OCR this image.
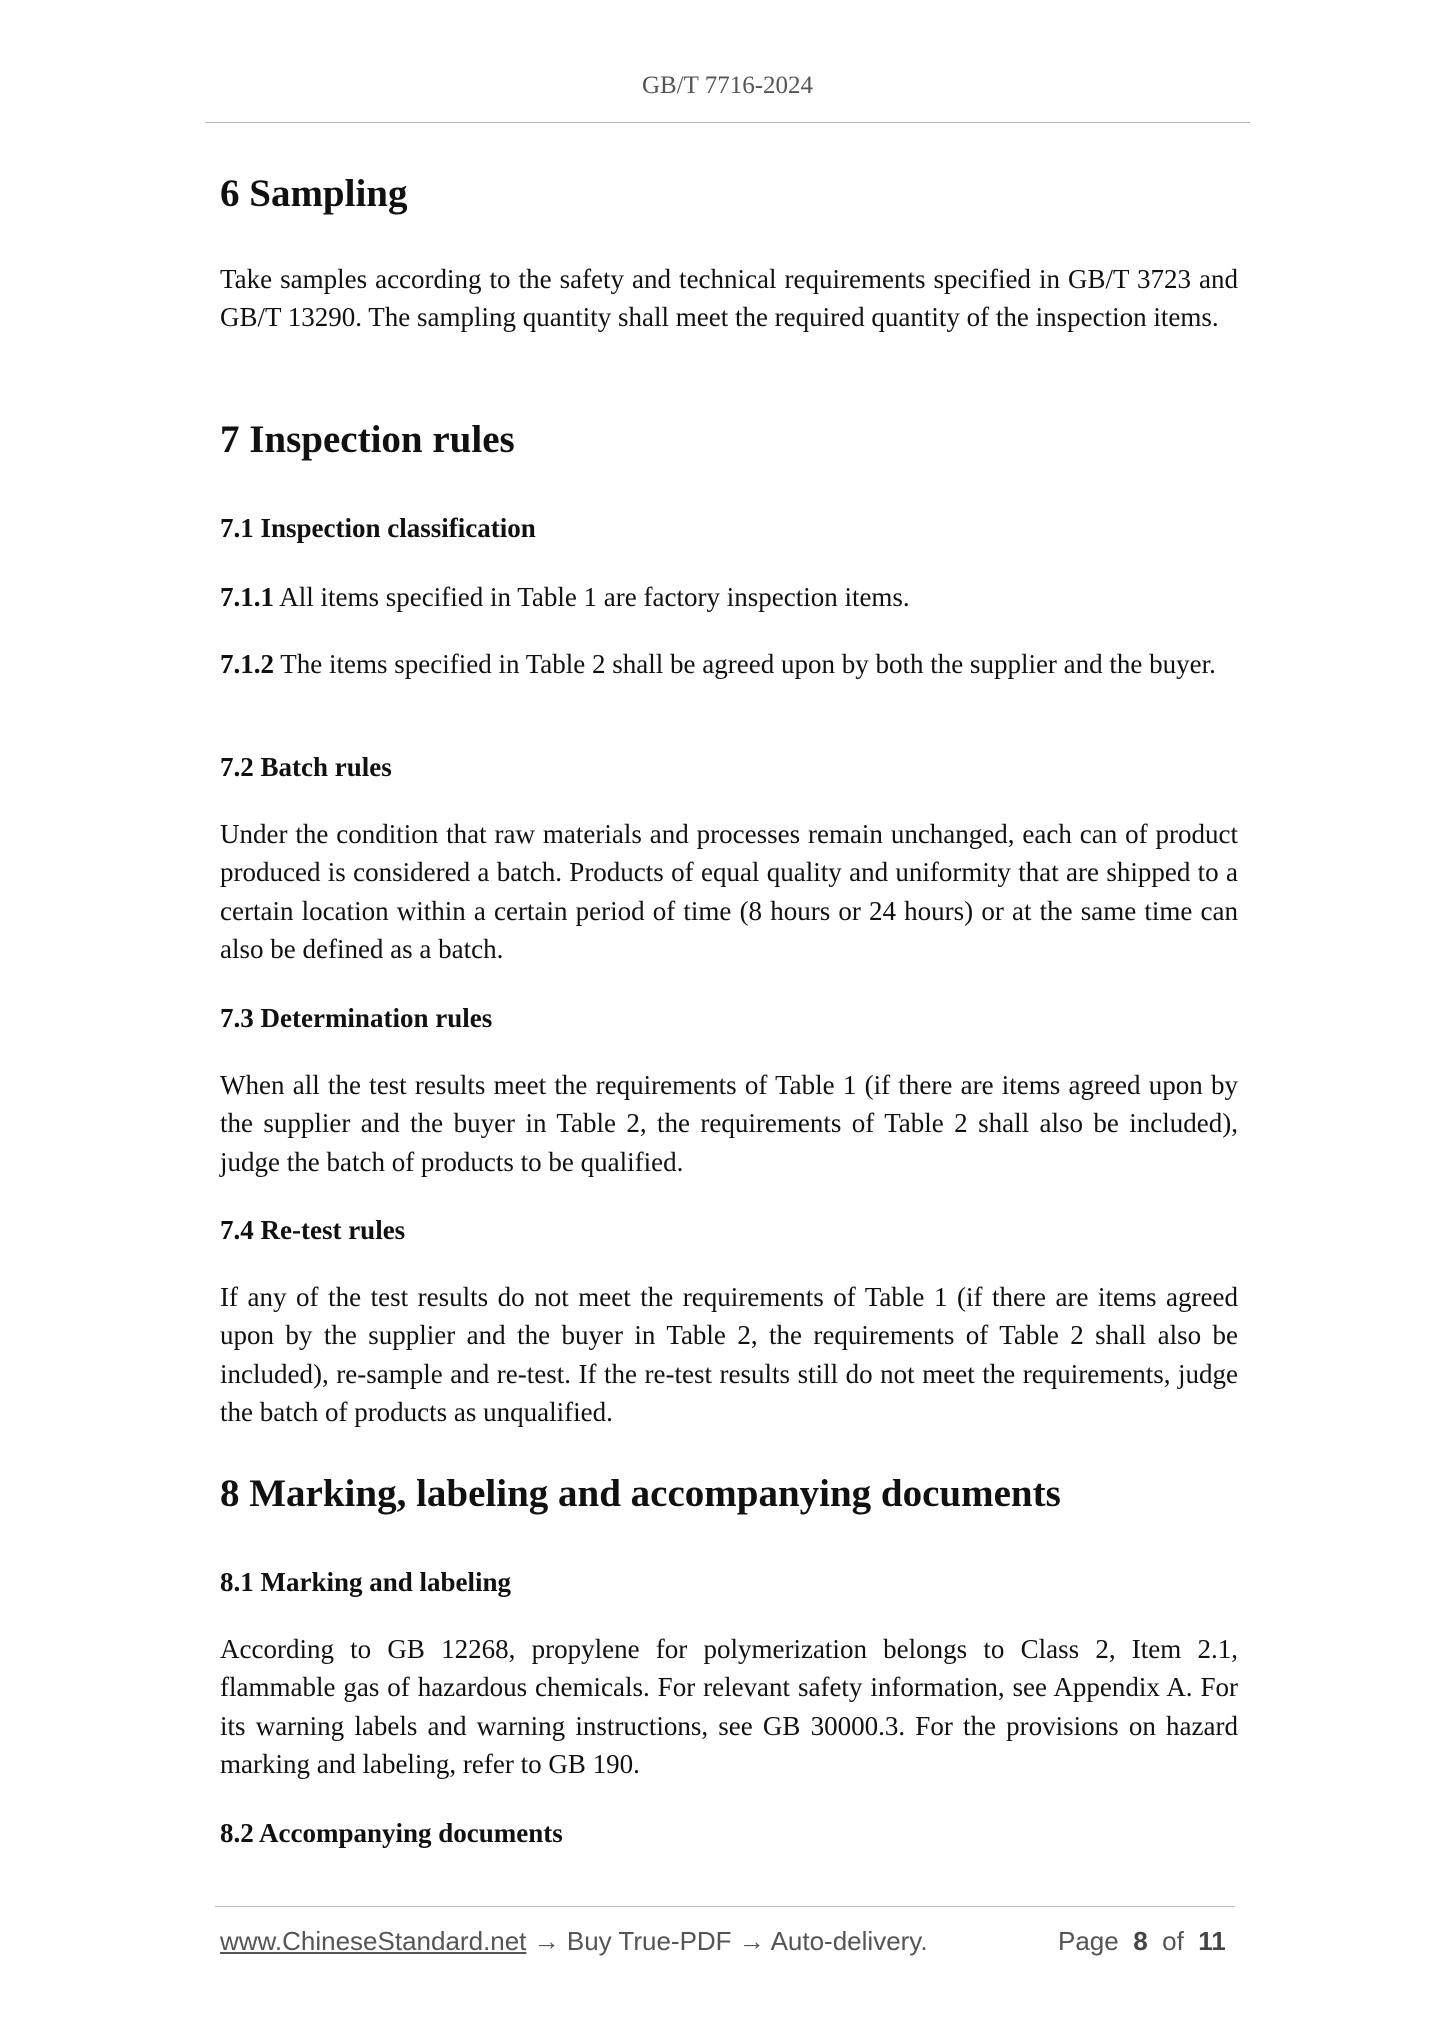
GB/T 7716-2024
6 Sampling

Take samples according to the safety and technical requirements specified in GB/T 3723 and GB/T 13290. The sampling quantity shall meet the required quantity of the inspection items.

7 Inspection rules
7.1 Inspection classification

7.1.1 All items specified in Table 1 are factory inspection items.

7.1.2 The items specified in Table 2 shall be agreed upon by both the supplier and the buyer.

7.2 Batch rules

Under the condition that raw materials and processes remain unchanged, each can of product produced is considered a batch. Products of equal quality and uniformity that are shipped to a certain location within a certain period of time (8 hours or 24 hours) or at the same time can also be defined as a batch.

7.3 Determination rules

When all the test results meet the requirements of Table 1 (if there are items agreed upon by the supplier and the buyer in Table 2, the requirements of Table 2 shall also be included), judge the batch of products to be qualified.

7.4 Re-test rules

If any of the test results do not meet the requirements of Table 1 (if there are items agreed upon by the supplier and the buyer in Table 2, the requirements of Table 2 shall also be included), re-sample and re-test. If the re-test results still do not meet the requirements, judge the batch of products as unqualified.

8 Marking, labeling and accompanying documents
8.1 Marking and labeling

According to GB 12268, propylene for polymerization belongs to Class 2, Item 2.1, flammable gas of hazardous chemicals. For relevant safety information, see Appendix A. For its warning labels and warning instructions, see GB 30000.3. For the provisions on hazard marking and labeling, refer to GB 190.

8.2 Accompanying documents
www.ChineseStandard.net → Buy True-PDF → Auto-delivery.	Page 8 of 11
